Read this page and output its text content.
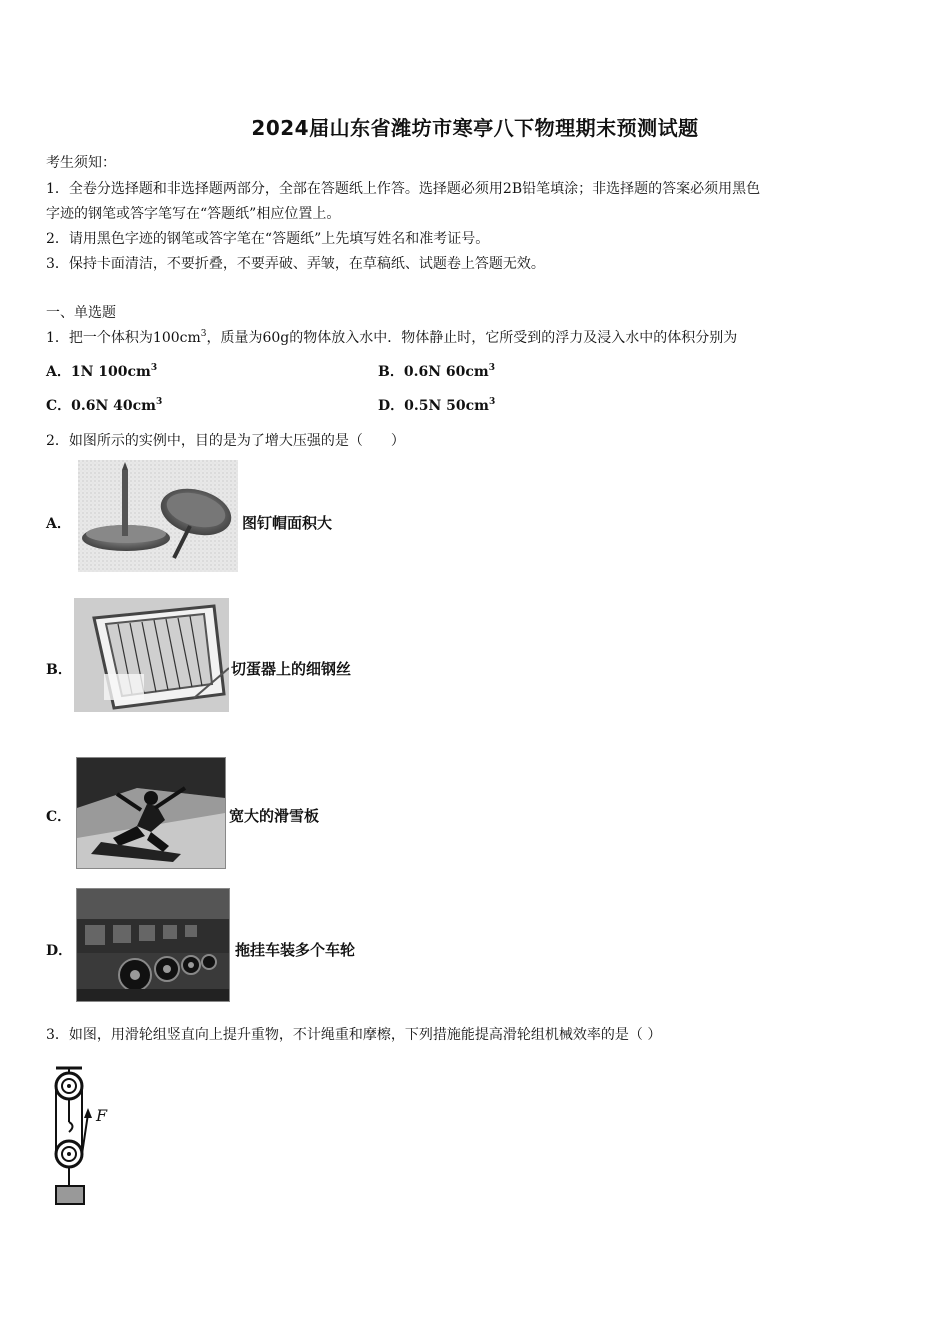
2024届山东省潍坊市寒亭八下物理期末预测试题
考生须知：
1．全卷分选择题和非选择题两部分，全部在答题纸上作答。选择题必须用2B铅笔填涂；非选择题的答案必须用黑色
字迹的钢笔或答字笔写在“答题纸”相应位置上。
2．请用黑色字迹的钢笔或答字笔在“答题纸”上先填写姓名和准考证号。
3．保持卡面清洁，不要折叠，不要弄破、弄皱，在草稿纸、试题卷上答题无效。
一、单选题
1．把一个体积为$100cm^3$，质量为60g的物体放入水中．物体静止时，它所受到的浮力及浸入水中的体积分别为
A．1N $100cm^3$	B．0.6N $60cm^3$
C．0.6N $40cm^3$	D．0.5N $50cm^3$
2．如图所示的实例中，目的是为了增大压强的是（　　）
A．	图钉帽面积大
B．	切蛋器上的细钢丝
C．	宽大的滑雪板
D．	拖挂车装多个车轮
3．如图，用滑轮组竖直向上提升重物，不计绳重和摩檫，下列措施能提高滑轮组机械效率的是（ ）
F
